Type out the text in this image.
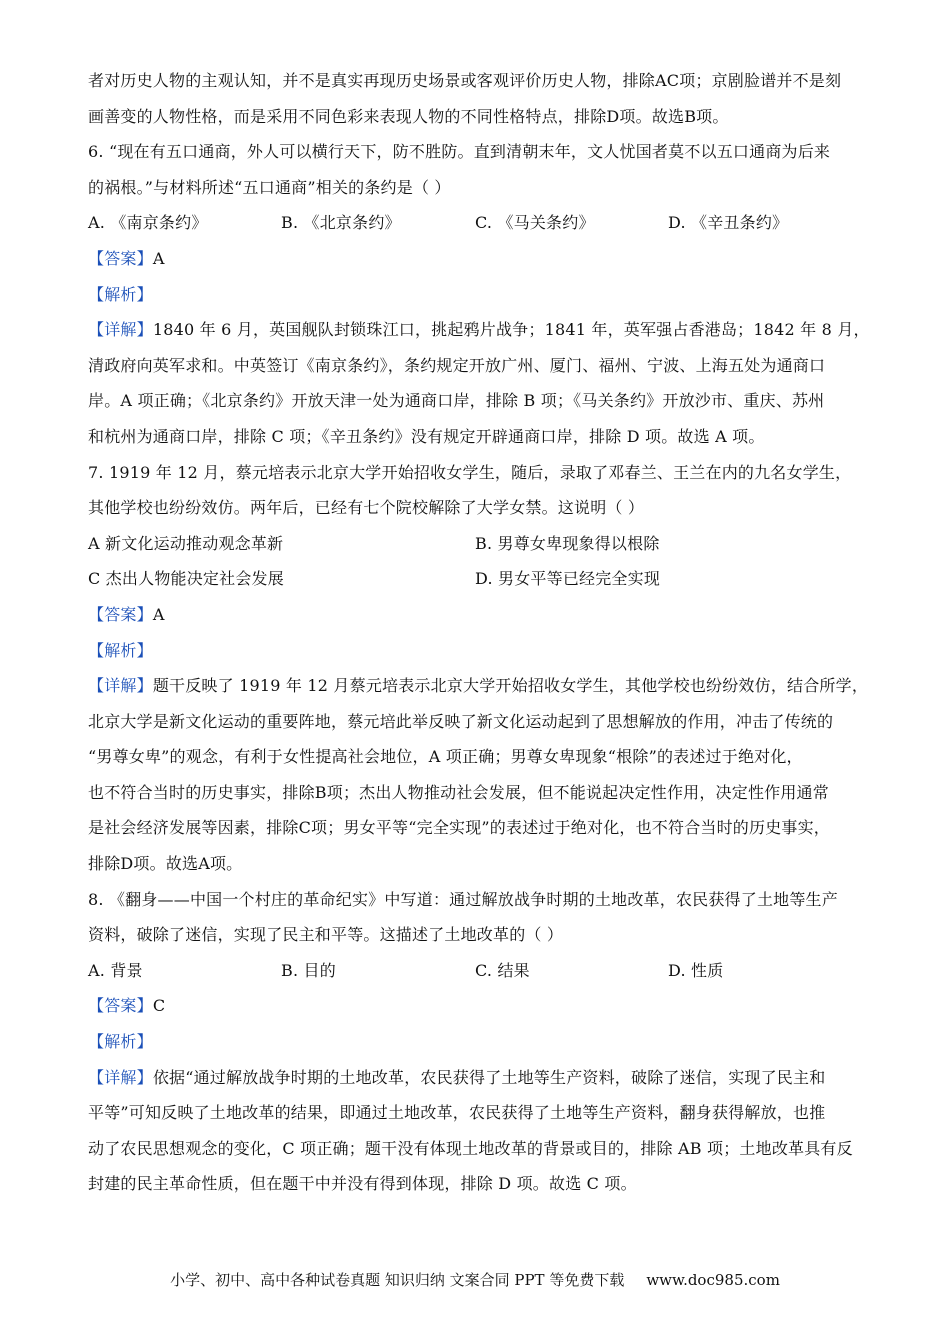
者对历史人物的主观认知，并不是真实再现历史场景或客观评价历史人物，排除AC项；京剧脸谱并不是刻
画善变的人物性格，而是采用不同色彩来表现人物的不同性格特点，排除D项。故选B项。
6. “现在有五口通商，外人可以横行天下，防不胜防。直到清朝末年，文人忧国者莫不以五口通商为后来
的祸根。”与材料所述“五口通商”相关的条约是（ ）
A. 《南京条约》	B. 《北京条约》	C. 《马关条约》	D. 《辛丑条约》
【答案】A
【解析】
【详解】1840 年 6 月，英国舰队封锁珠江口，挑起鸦片战争；1841 年，英军强占香港岛；1842 年 8 月，
清政府向英军求和。中英签订《南京条约》，条约规定开放广州、厦门、福州、宁波、上海五处为通商口
岸。A 项正确；《北京条约》开放天津一处为通商口岸，排除 B 项；《马关条约》开放沙市、重庆、苏州
和杭州为通商口岸，排除 C 项；《辛丑条约》没有规定开辟通商口岸，排除 D 项。故选 A 项。
7. 1919 年 12 月，蔡元培表示北京大学开始招收女学生，随后，录取了邓春兰、王兰在内的九名女学生，
其他学校也纷纷效仿。两年后，已经有七个院校解除了大学女禁。这说明（ ）
A 新文化运动推动观念革新	B. 男尊女卑现象得以根除
C 杰出人物能决定社会发展	D. 男女平等已经完全实现
【答案】A
【解析】
【详解】题干反映了 1919 年 12 月蔡元培表示北京大学开始招收女学生，其他学校也纷纷效仿，结合所学，
北京大学是新文化运动的重要阵地，蔡元培此举反映了新文化运动起到了思想解放的作用，冲击了传统的
“男尊女卑”的观念，有利于女性提高社会地位，A 项正确；男尊女卑现象“根除”的表述过于绝对化，
也不符合当时的历史事实，排除B项；杰出人物推动社会发展，但不能说起决定性作用，决定性作用通常
是社会经济发展等因素，排除C项；男女平等“完全实现”的表述过于绝对化，也不符合当时的历史事实，
排除D项。故选A项。
8. 《翻身——中国一个村庄的革命纪实》中写道：通过解放战争时期的土地改革，农民获得了土地等生产
资料，破除了迷信，实现了民主和平等。这描述了土地改革的（ ）
A. 背景	B. 目的	C. 结果	D. 性质
【答案】C
【解析】
【详解】依据“通过解放战争时期的土地改革，农民获得了土地等生产资料，破除了迷信，实现了民主和
平等”可知反映了土地改革的结果，即通过土地改革，农民获得了土地等生产资料，翻身获得解放，也推
动了农民思想观念的变化，C 项正确；题干没有体现土地改革的背景或目的，排除 AB 项；土地改革具有反
封建的民主革命性质，但在题干中并没有得到体现，排除 D 项。故选 C 项。
小学、初中、高中各种试卷真题 知识归纳 文案合同 PPT 等免费下载 www.doc985.com
